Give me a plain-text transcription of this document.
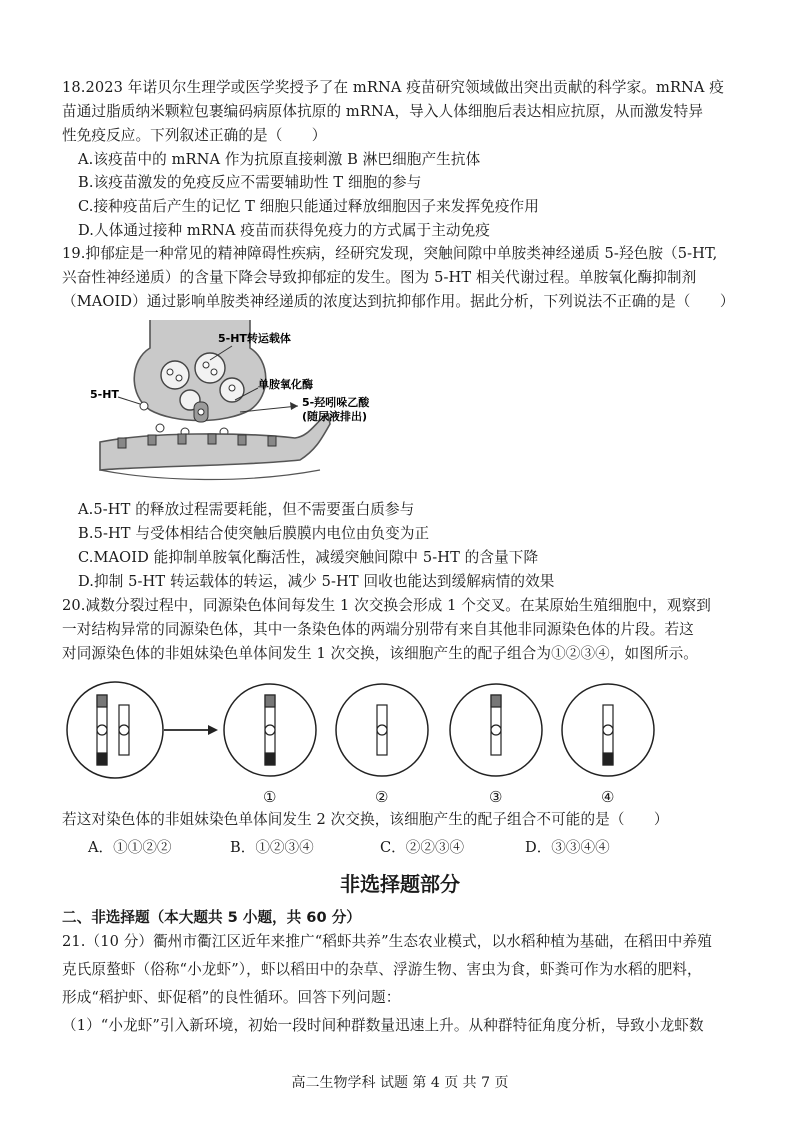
18.2023 年诺贝尔生理学或医学奖授予了在 mRNA 疫苗研究领域做出突出贡献的科学家。mRNA 疫
苗通过脂质纳米颗粒包裹编码病原体抗原的 mRNA，导入人体细胞后表达相应抗原，从而激发特异
性免疫反应。下列叙述正确的是（　　）
A.该疫苗中的 mRNA 作为抗原直接刺激 B 淋巴细胞产生抗体
B.该疫苗激发的免疫反应不需要辅助性 T 细胞的参与
C.接种疫苗后产生的记忆 T 细胞只能通过释放细胞因子来发挥免疫作用
D.人体通过接种 mRNA 疫苗而获得免疫力的方式属于主动免疫
19.抑郁症是一种常见的精神障碍性疾病，经研究发现，突触间隙中单胺类神经递质 5-羟色胺（5-HT,
兴奋性神经递质）的含量下降会导致抑郁症的发生。图为 5-HT 相关代谢过程。单胺氧化酶抑制剂
（MAOID）通过影响单胺类神经递质的浓度达到抗抑郁作用。据此分析，下列说法不正确的是（　　）
5-HT转运载体
5-HT
单胺氧化酶
5-羟吲哚乙酸
(随尿液排出)
A.5-HT 的释放过程需要耗能，但不需要蛋白质参与
B.5-HT 与受体相结合使突触后膜膜内电位由负变为正
C.MAOID 能抑制单胺氧化酶活性，减缓突触间隙中 5-HT 的含量下降
D.抑制 5-HT 转运载体的转运，减少 5-HT 回收也能达到缓解病情的效果
20.减数分裂过程中，同源染色体间每发生 1 次交换会形成 1 个交叉。在某原始生殖细胞中，观察到
一对结构异常的同源染色体，其中一条染色体的两端分别带有来自其他非同源染色体的片段。若这
对同源染色体的非姐妹染色单体间发生 1 次交换，该细胞产生的配子组合为①②③④，如图所示。
①	②	③	④
若这对染色体的非姐妹染色单体间发生 2 次交换，该细胞产生的配子组合不可能的是（　　）
A．①①②②	B．①②③④	C．②②③④	D．③③④④
非选择题部分
二、非选择题（本大题共 5 小题，共 60 分）
21.（10 分）衢州市衢江区近年来推广“稻虾共养”生态农业模式，以水稻种植为基础，在稻田中养殖
克氏原螯虾（俗称“小龙虾”），虾以稻田中的杂草、浮游生物、害虫为食，虾粪可作为水稻的肥料，
形成“稻护虾、虾促稻”的良性循环。回答下列问题：
（1）“小龙虾”引入新环境，初始一段时间种群数量迅速上升。从种群特征角度分析，导致小龙虾数
高二生物学科 试题 第 4 页 共 7 页
